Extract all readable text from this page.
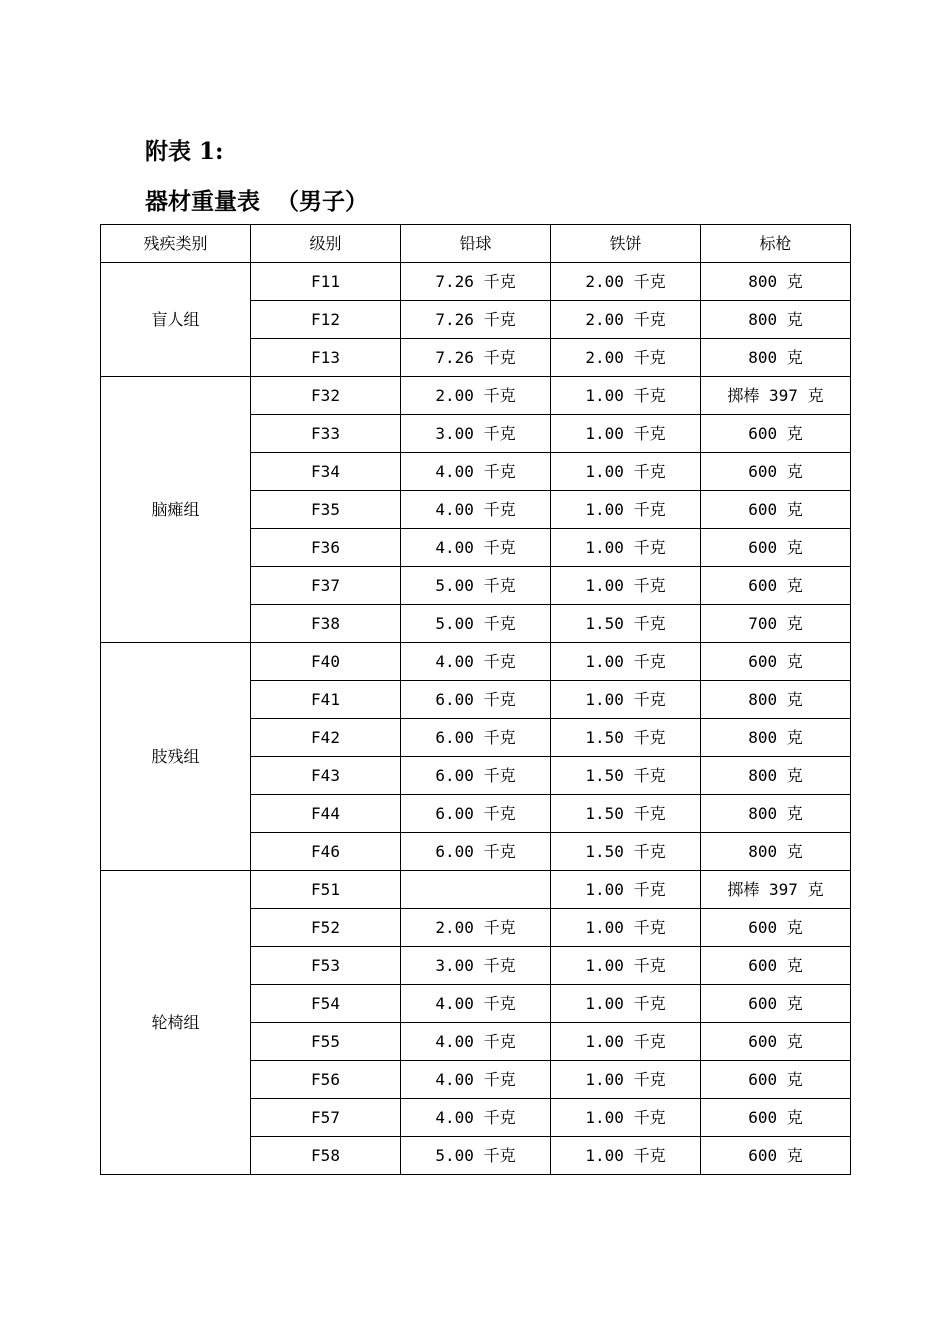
附表 1:
器材重量表  （男子）
残疾类别	级别	铅球	铁饼	标枪
盲人组	F11	7.26 千克	2.00 千克	800 克
	F12	7.26 千克	2.00 千克	800 克
	F13	7.26 千克	2.00 千克	800 克
脑瘫组	F32	2.00 千克	1.00 千克	掷棒 397 克
	F33	3.00 千克	1.00 千克	600 克
	F34	4.00 千克	1.00 千克	600 克
	F35	4.00 千克	1.00 千克	600 克
	F36	4.00 千克	1.00 千克	600 克
	F37	5.00 千克	1.00 千克	600 克
	F38	5.00 千克	1.50 千克	700 克
肢残组	F40	4.00 千克	1.00 千克	600 克
	F41	6.00 千克	1.00 千克	800 克
	F42	6.00 千克	1.50 千克	800 克
	F43	6.00 千克	1.50 千克	800 克
	F44	6.00 千克	1.50 千克	800 克
	F46	6.00 千克	1.50 千克	800 克
轮椅组	F51		1.00 千克	掷棒 397 克
	F52	2.00 千克	1.00 千克	600 克
	F53	3.00 千克	1.00 千克	600 克
	F54	4.00 千克	1.00 千克	600 克
	F55	4.00 千克	1.00 千克	600 克
	F56	4.00 千克	1.00 千克	600 克
	F57	4.00 千克	1.00 千克	600 克
	F58	5.00 千克	1.00 千克	600 克
